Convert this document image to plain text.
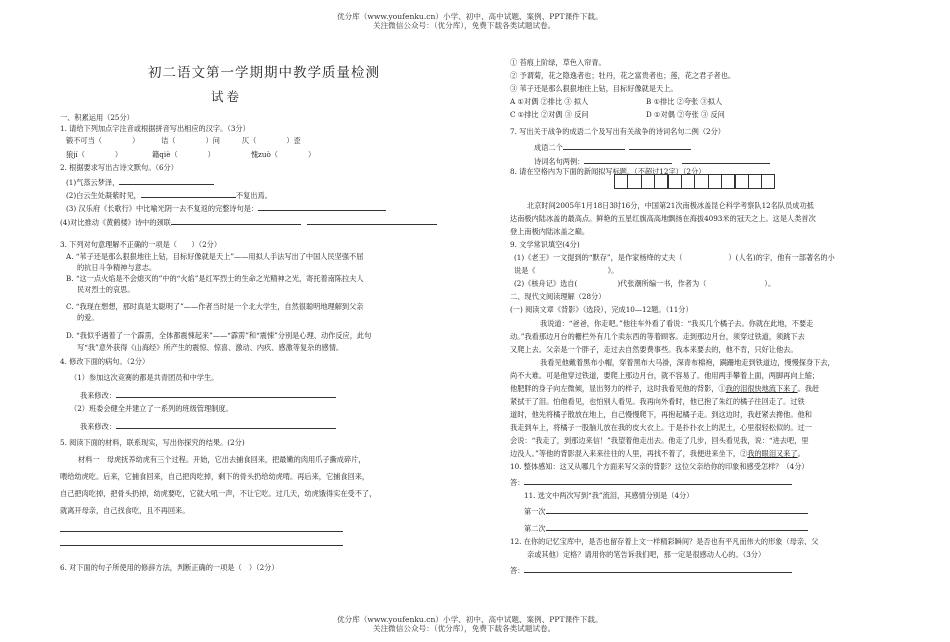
优分库（www.youfenku.cn）小学、初中、高中试题、案例、PPT课件下载。
关注微信公众号：（优分库），免费下载各类试题试卷。
初二语文第一学期期中教学质量检测
试卷
一、积累运用（25分）
1. 请给下列加点字注音或根据拼音写出相应的汉字。（3分）
锻不可当（	）	诘（	）问	仄（	）歪
狼jí（	）	籍qiè（	）	愧zuò（	）
2. 根据要求写出古诗文默句。（6分）
(1)气蒸云梦泽，
(2)白云生处凝紫时见，	不复出焉。
(3) 汉乐府《长歌行》中比喻光阴一去不复返的完整诗句是：
(4)对比推动《黄鹤楼》诗中的颈联
3. 下列对句意理解不正确的一项是（　　）（2分）
A. “苇子还是那么狠狠地往上钻，目标好像就是天上”——用拟人手法写出了中国人民坚强不屈
的抗日斗争精神与意志。
B. “这一点火焰是不会熄灭的”中的“火焰”是红军烈士的生命之光精神之光，寄托着南陈拉夫人
民对烈士的哀思。
C. “我现在想想，那时真是太聪明了”——作者当时是一个北大学生，自然很聪明地理解到父亲
的爱。
D. “我似乎遇着了一个霹雳，全体都震悚起来”——“霹雳”和“震悚”分别是心理、动作反应，此句
写“我”意外获得《山海经》所产生的震惊、惊喜、激动、内疚、感激等复杂的感情。
4. 修改下面的病句。（2分）
（1）参加这次竞赛的都是共青团员和中学生。
我来修改：
（2）班委会健全并建立了一系列的班级管理制度。
我来修改：
5. 阅读下面的材料，联系现实，写出你探究的结果。(2分)
材料一　母虎抚养幼虎有三个过程。开始，它出去捕食回来，把最嫩的肉用爪子撕成碎片，
喂给幼虎吃。后来，它捕食回来，自己把肉吃掉，剩下的骨头扔给幼虎啃。再后来，它捕食回来，
自己把肉吃掉，把骨头扔掉，幼虎要吃，它就大吼一声，不让它吃。过几天，幼虎饿得实在受不了，
就离开母亲，自己找食吃，且不再回来。
6. 对下面的句子所使用的修辞方法，判断正确的一项是（　）（2分）
① 苔痕上阶绿，草色入帘青。
② 予谓菊，花之隐逸者也；牡丹，花之富贵者也；莲，花之君子者也。
③ 苇子还是那么狠狠地往上钻，目标好像就是天上。
A ①对偶 ②排比 ③ 拟人	B ①排比 ②夸张 ③拟人
C ①排比 ②对偶 ③ 反问	D ①对偶 ②夸张 ③ 反问
7. 写出关于战争的成语二个及写出有关战争的诗词名句二例（2分）
成语二个
诗词名句两例：
8. 请在空格内为下面的新闻拟写标题。（不超过12字）（2分）
北京时间2005年1月18日3时16分，中国第21次南极冰盖昆仑科学考察队12名队员成功抵
达南极内陆冰盖的最高点。鲜艳的五星红旗高高地飘扬在海拔4093米的冠天之上。这是人类首次
登上南极内陆冰盖之巅。
9. 文学常识填空(4分)
(1)《老王》一文提到的“默存”，是作家杨绛的丈夫（	）(人名)的字，他有一部著名的小
说是《	》。
(2)《核舟记》选自(	)代张潮所编一书，作者为（	）。
二、现代文阅读理解（28分）
(一) 阅读文章《背影》（选段），完成10—12题。（11分）
我说道：“爸爸，你走吧。”他往车外看了看说：“我买几个橘子去。你就在此地，不要走
动。”我看那边月台的栅栏外有几个卖东西的等着顾客。走到那边月台，须穿过铁道，须跳下去
又爬上去。父亲是一个胖子，走过去自然要费事些。我本来要去的，他不肯，只好让他去。
我看见他戴着黑布小帽，穿着黑布大马褂，深青布棉袍，蹒跚地走到铁道边，慢慢探身下去，
尚不大难。可是他穿过铁道，要爬上那边月台，就不容易了。他用两手攀着上面，两脚再向上缩；
他肥胖的身子向左微倾，显出努力的样子，这时我看见他的背影，①我的泪很快地流下来了。我赶
紧拭干了泪。怕他看见，也怕别人看见。我再向外看时，他已抱了朱红的橘子往回走了。过铁
道时，他先将橘子散放在地上，自己慢慢爬下，再抱起橘子走。到这边时，我赶紧去搀他。他和
我走到车上，将橘子一股脑儿放在我的皮大衣上。于是扑扑衣上的泥土，心里很轻松似的。过一
会说：“我走了，到那边来信！”我望着他走出去。他走了几步，回头看见我，说：“进去吧，里
边没人。”等他的背影混入来来往往的人里，再找不着了，我便进来坐下，②我的眼泪又来了。
10. 整体感知：这又从哪几个方面来写父亲的背影？这位父亲给你的印象和感受怎样？（4分）
答：
11. 选文中两次写到“我”流泪，其感情分别是（4分）
第一次
第二次
12. 在你的记忆宝库中，是否也留存着上文一样精彩瞬间？是否也有平凡而伟大的形象（母亲、父
亲或其他）定格？请用你的笔告诉我们吧，那一定是很感动人心的。（3分）
答：
优分库（www.youfenku.cn）小学、初中、高中试题、案例、PPT课件下载。
关注微信公众号：（优分库），免费下载各类试题试卷。
